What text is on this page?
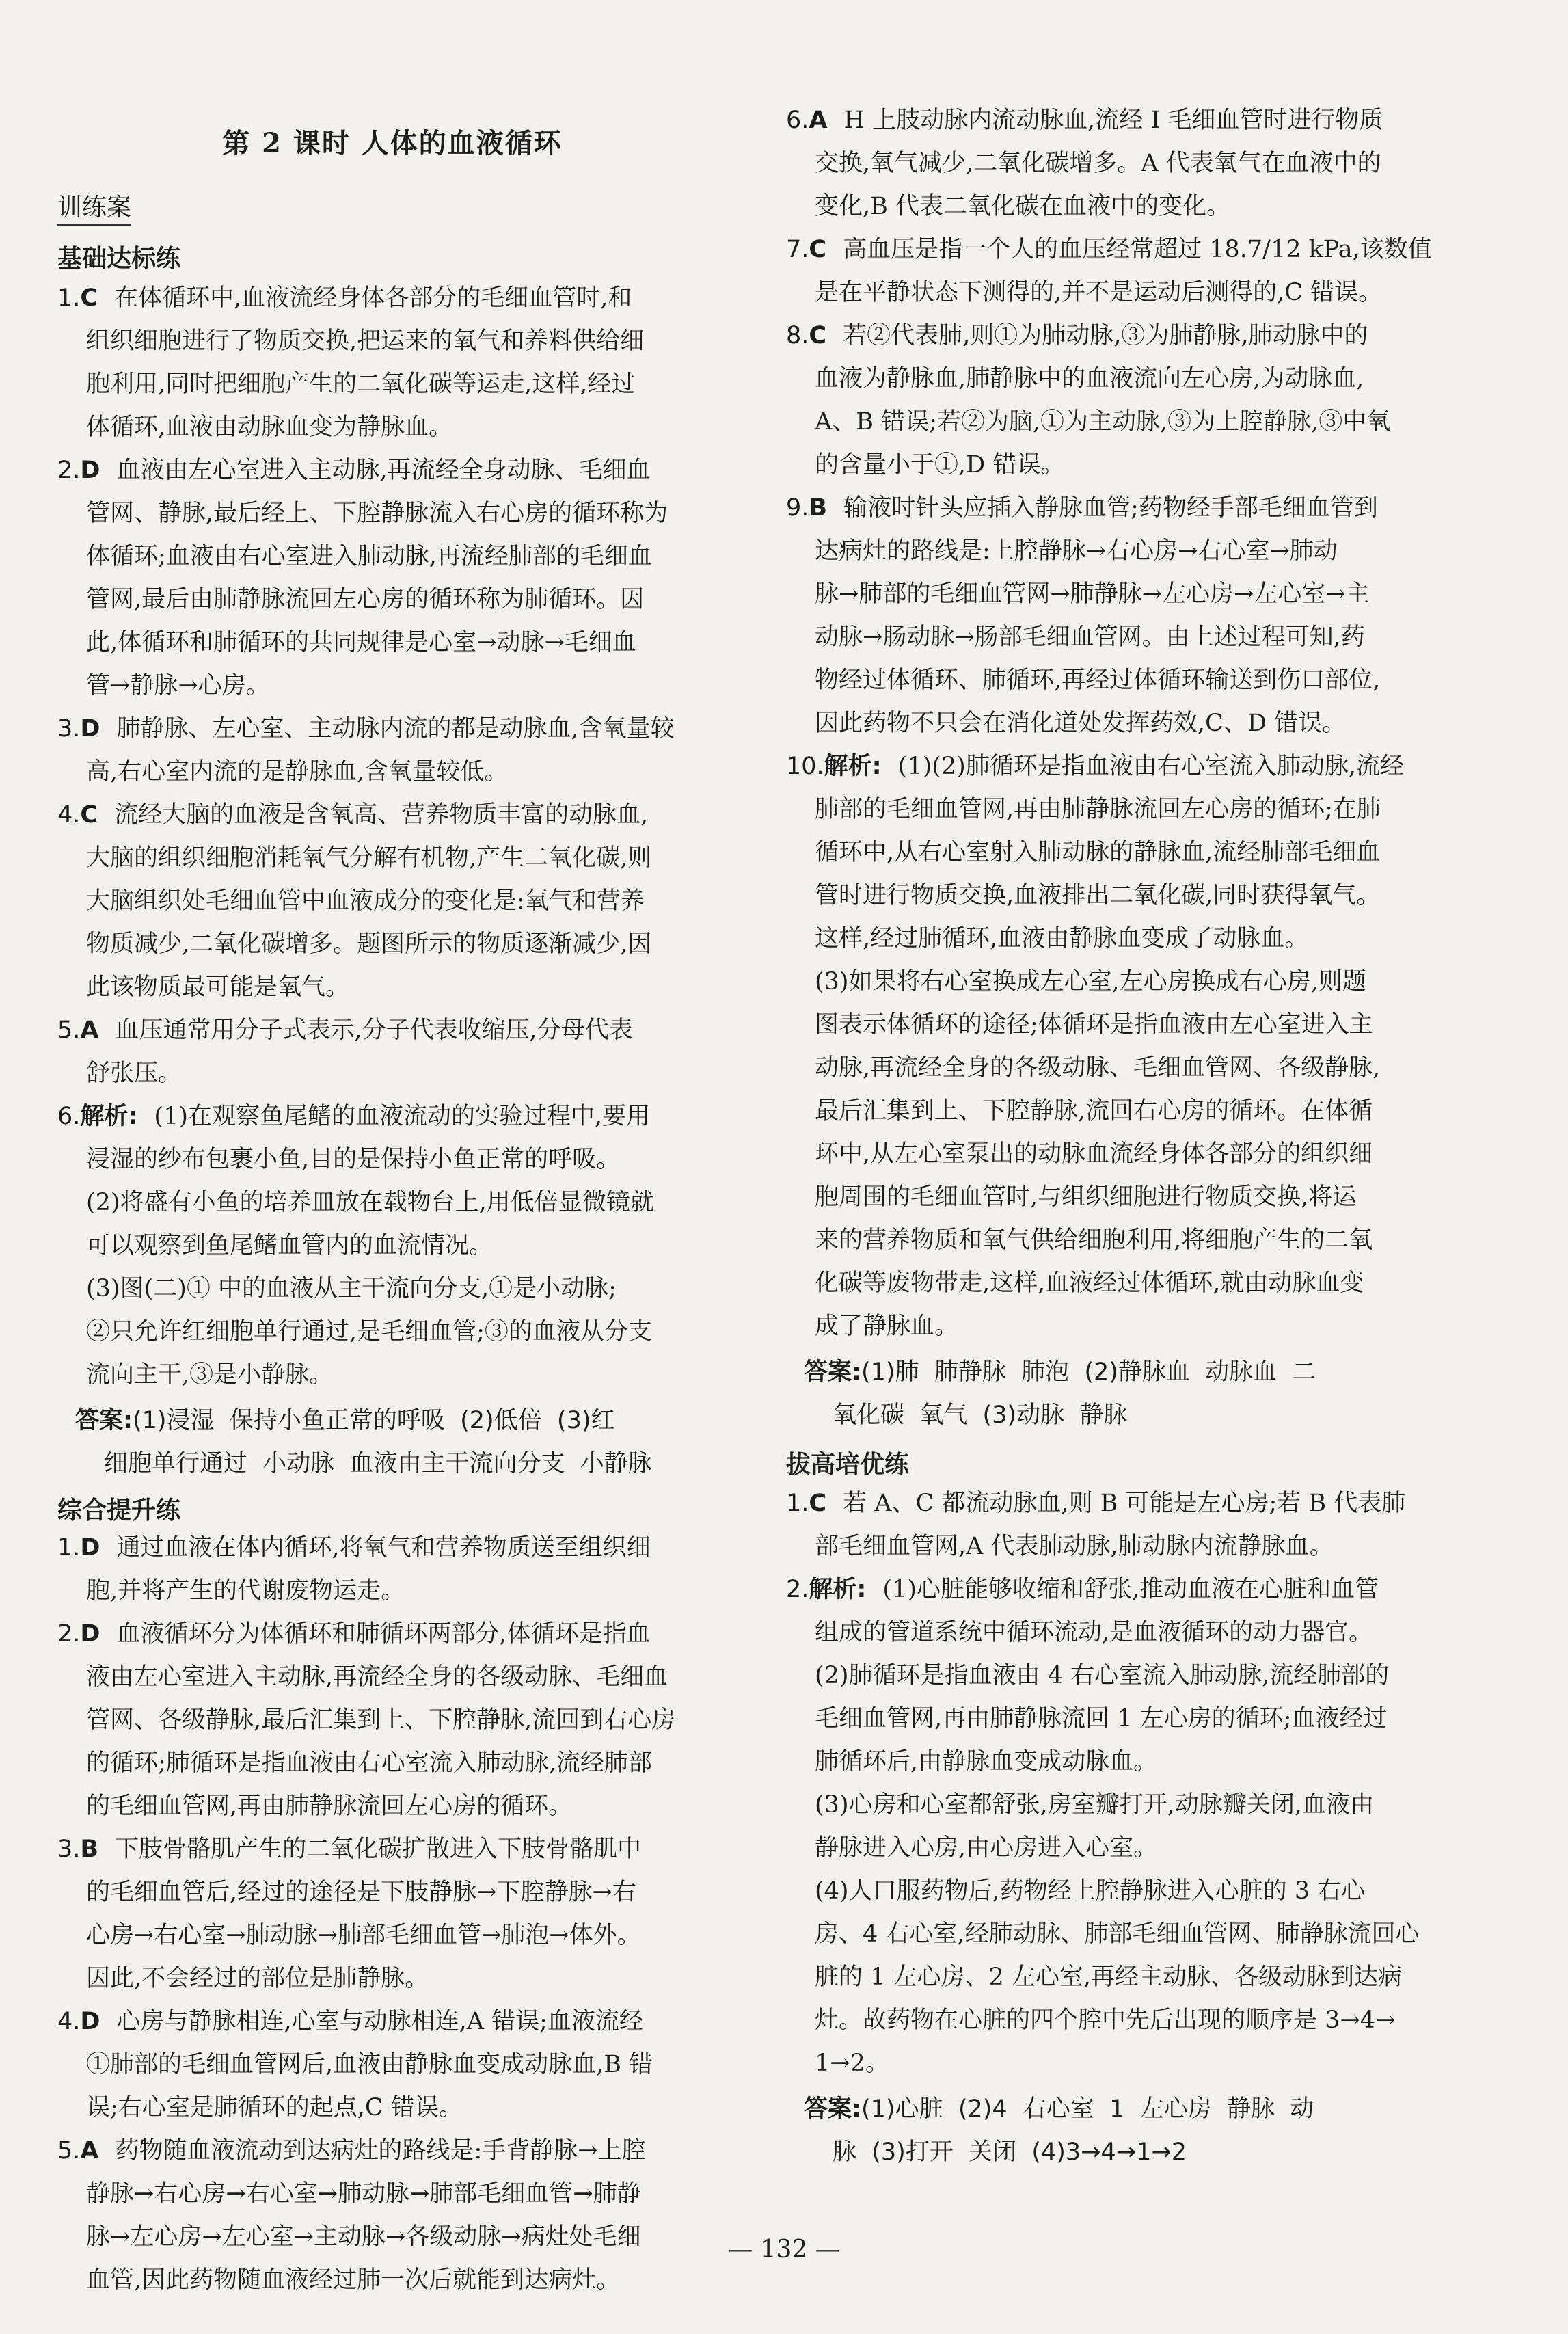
第 2 课时 人体的血液循环
训练案
基础达标练
综合提升练
拔高培优练
1.C 在体循环中,血液流经身体各部分的毛细血管时,和
组织细胞进行了物质交换,把运来的氧气和养料供给细
胞利用,同时把细胞产生的二氧化碳等运走,这样,经过
体循环,血液由动脉血变为静脉血。
2.D 血液由左心室进入主动脉,再流经全身动脉、毛细血
管网、静脉,最后经上、下腔静脉流入右心房的循环称为
体循环;血液由右心室进入肺动脉,再流经肺部的毛细血
管网,最后由肺静脉流回左心房的循环称为肺循环。因
此,体循环和肺循环的共同规律是心室→动脉→毛细血
管→静脉→心房。
3.D 肺静脉、左心室、主动脉内流的都是动脉血,含氧量较
高,右心室内流的是静脉血,含氧量较低。
4.C 流经大脑的血液是含氧高、营养物质丰富的动脉血,
大脑的组织细胞消耗氧气分解有机物,产生二氧化碳,则
大脑组织处毛细血管中血液成分的变化是:氧气和营养
物质减少,二氧化碳增多。题图所示的物质逐渐减少,因
此该物质最可能是氧气。
5.A 血压通常用分子式表示,分子代表收缩压,分母代表
舒张压。
6.解析: (1)在观察鱼尾鳍的血液流动的实验过程中,要用
浸湿的纱布包裹小鱼,目的是保持小鱼正常的呼吸。
(2)将盛有小鱼的培养皿放在载物台上,用低倍显微镜就
可以观察到鱼尾鳍血管内的血流情况。
(3)图(二)① 中的血液从主干流向分支,①是小动脉;
②只允许红细胞单行通过,是毛细血管;③的血液从分支
流向主干,③是小静脉。
答案:(1)浸湿  保持小鱼正常的呼吸  (2)低倍  (3)红
细胞单行通过  小动脉  血液由主干流向分支  小静脉
1.D 通过血液在体内循环,将氧气和营养物质送至组织细
胞,并将产生的代谢废物运走。
2.D 血液循环分为体循环和肺循环两部分,体循环是指血
液由左心室进入主动脉,再流经全身的各级动脉、毛细血
管网、各级静脉,最后汇集到上、下腔静脉,流回到右心房
的循环;肺循环是指血液由右心室流入肺动脉,流经肺部
的毛细血管网,再由肺静脉流回左心房的循环。
3.B 下肢骨骼肌产生的二氧化碳扩散进入下肢骨骼肌中
的毛细血管后,经过的途径是下肢静脉→下腔静脉→右
心房→右心室→肺动脉→肺部毛细血管→肺泡→体外。
因此,不会经过的部位是肺静脉。
4.D 心房与静脉相连,心室与动脉相连,A 错误;血液流经
①肺部的毛细血管网后,血液由静脉血变成动脉血,B 错
误;右心室是肺循环的起点,C 错误。
5.A 药物随血液流动到达病灶的路线是:手背静脉→上腔
静脉→右心房→右心室→肺动脉→肺部毛细血管→肺静
脉→左心房→左心室→主动脉→各级动脉→病灶处毛细
血管,因此药物随血液经过肺一次后就能到达病灶。
6.A H 上肢动脉内流动脉血,流经 I 毛细血管时进行物质
交换,氧气减少,二氧化碳增多。A 代表氧气在血液中的
变化,B 代表二氧化碳在血液中的变化。
7.C 高血压是指一个人的血压经常超过 18.7/12 kPa,该数值
是在平静状态下测得的,并不是运动后测得的,C 错误。
8.C 若②代表肺,则①为肺动脉,③为肺静脉,肺动脉中的
血液为静脉血,肺静脉中的血液流向左心房,为动脉血,
A、B 错误;若②为脑,①为主动脉,③为上腔静脉,③中氧
的含量小于①,D 错误。
9.B 输液时针头应插入静脉血管;药物经手部毛细血管到
达病灶的路线是:上腔静脉→右心房→右心室→肺动
脉→肺部的毛细血管网→肺静脉→左心房→左心室→主
动脉→肠动脉→肠部毛细血管网。由上述过程可知,药
物经过体循环、肺循环,再经过体循环输送到伤口部位,
因此药物不只会在消化道处发挥药效,C、D 错误。
10.解析: (1)(2)肺循环是指血液由右心室流入肺动脉,流经
肺部的毛细血管网,再由肺静脉流回左心房的循环;在肺
循环中,从右心室射入肺动脉的静脉血,流经肺部毛细血
管时进行物质交换,血液排出二氧化碳,同时获得氧气。
这样,经过肺循环,血液由静脉血变成了动脉血。
(3)如果将右心室换成左心室,左心房换成右心房,则题
图表示体循环的途径;体循环是指血液由左心室进入主
动脉,再流经全身的各级动脉、毛细血管网、各级静脉,
最后汇集到上、下腔静脉,流回右心房的循环。在体循
环中,从左心室泵出的动脉血流经身体各部分的组织细
胞周围的毛细血管时,与组织细胞进行物质交换,将运
来的营养物质和氧气供给细胞利用,将细胞产生的二氧
化碳等废物带走,这样,血液经过体循环,就由动脉血变
成了静脉血。
答案:(1)肺  肺静脉  肺泡  (2)静脉血  动脉血  二
氧化碳  氧气  (3)动脉  静脉
1.C 若 A、C 都流动脉血,则 B 可能是左心房;若 B 代表肺
部毛细血管网,A 代表肺动脉,肺动脉内流静脉血。
2.解析: (1)心脏能够收缩和舒张,推动血液在心脏和血管
组成的管道系统中循环流动,是血液循环的动力器官。
(2)肺循环是指血液由 4 右心室流入肺动脉,流经肺部的
毛细血管网,再由肺静脉流回 1 左心房的循环;血液经过
肺循环后,由静脉血变成动脉血。
(3)心房和心室都舒张,房室瓣打开,动脉瓣关闭,血液由
静脉进入心房,由心房进入心室。
(4)人口服药物后,药物经上腔静脉进入心脏的 3 右心
房、4 右心室,经肺动脉、肺部毛细血管网、肺静脉流回心
脏的 1 左心房、2 左心室,再经主动脉、各级动脉到达病
灶。故药物在心脏的四个腔中先后出现的顺序是 3→4→
1→2。
答案:(1)心脏  (2)4  右心室  1  左心房  静脉  动
脉  (3)打开  关闭  (4)3→4→1→2
— 132 —
